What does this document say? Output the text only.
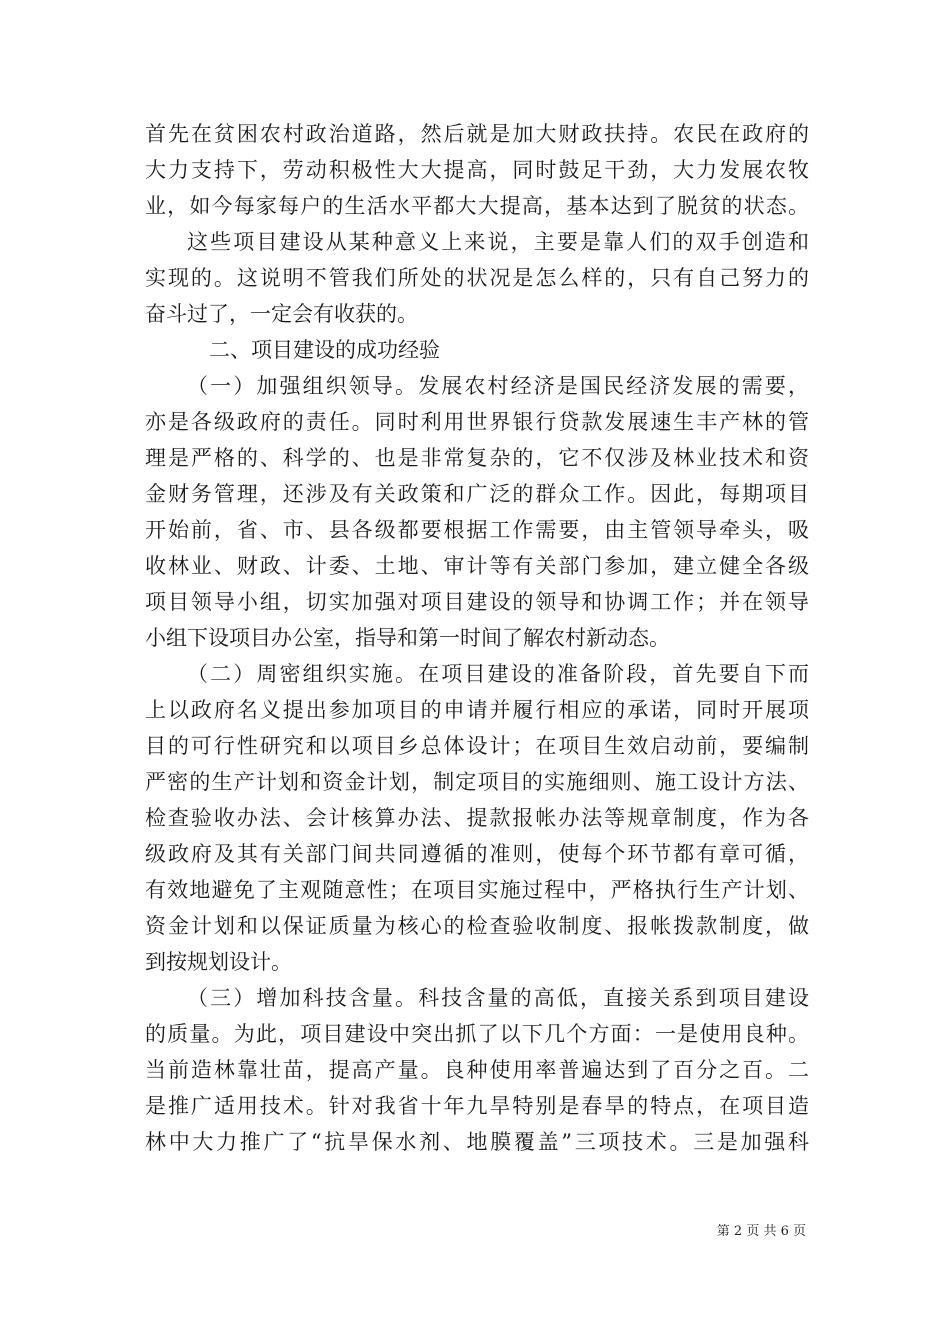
首先在贫困农村政治道路，然后就是加大财政扶持。农民在政府的
大力支持下，劳动积极性大大提高，同时鼓足干劲，大力发展农牧
业，如今每家每户的生活水平都大大提高，基本达到了脱贫的状态。
这些项目建设从某种意义上来说，主要是靠人们的双手创造和
实现的。这说明不管我们所处的状况是怎么样的，只有自己努力的
奋斗过了，一定会有收获的。
二、项目建设的成功经验
（一）加强组织领导。发展农村经济是国民经济发展的需要，
亦是各级政府的责任。同时利用世界银行贷款发展速生丰产林的管
理是严格的、科学的、也是非常复杂的，它不仅涉及林业技术和资
金财务管理，还涉及有关政策和广泛的群众工作。因此，每期项目
开始前，省、市、县各级都要根据工作需要，由主管领导牵头，吸
收林业、财政、计委、土地、审计等有关部门参加，建立健全各级
项目领导小组，切实加强对项目建设的领导和协调工作；并在领导
小组下设项目办公室，指导和第一时间了解农村新动态。
（二）周密组织实施。在项目建设的准备阶段，首先要自下而
上以政府名义提出参加项目的申请并履行相应的承诺，同时开展项
目的可行性研究和以项目乡总体设计；在项目生效启动前，要编制
严密的生产计划和资金计划，制定项目的实施细则、施工设计方法、
检查验收办法、会计核算办法、提款报帐办法等规章制度，作为各
级政府及其有关部门间共同遵循的准则，使每个环节都有章可循，
有效地避免了主观随意性；在项目实施过程中，严格执行生产计划、
资金计划和以保证质量为核心的检查验收制度、报帐拨款制度，做
到按规划设计。
（三）增加科技含量。科技含量的高低，直接关系到项目建设
的质量。为此，项目建设中突出抓了以下几个方面：一是使用良种。
当前造林靠壮苗，提高产量。良种使用率普遍达到了百分之百。二
是推广适用技术。针对我省十年九旱特别是春旱的特点，在项目造
林中大力推广了“抗旱保水剂、地膜覆盖”三项技术。三是加强科
第 2 页 共 6 页
